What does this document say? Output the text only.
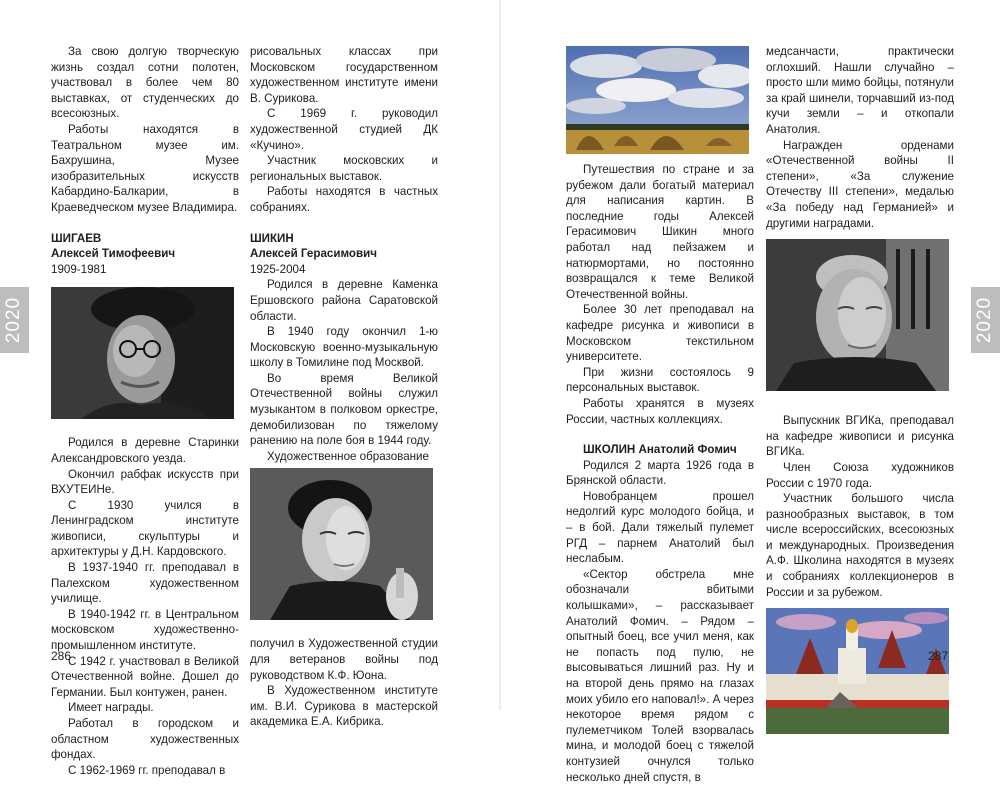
2020	2020

За свою долгую творческую жизнь создал сотни полотен, участвовал в более чем 80 выставках, от студенческих до всесоюзных.

Работы находятся в Театральном музее им. Бахрушина, Музее изобразительных искусств Кабардино-Балкарии, в Краеведческом музее Владимира.

ШИГАЕВ

Алексей Тимофеевич

1909-1981

Родился в деревне Старинки Александровского уезда.

Окончил рабфак искусств при ВХУТЕИНе.

С 1930 учился в Ленинградском институте живописи, скульптуры и архитектуры у Д.Н. Кардовского.

В 1937-1940 гг. преподавал в Палехском художественном училище.

В 1940-1942 гг. в Центральном московском художественно-промышленном институте.

С 1942 г. участвовал в Великой Отечественной войне. Дошел до Германии. Был контужен, ранен.

Имеет награды.

Работал в городском и областном художественных фондах.

С 1962-1969 гг. преподавал в

рисовальных классах при Московском государственном художественном институте имени В. Сурикова.

С 1969 г. руководил художественной студией ДК «Кучино».

Участник московских и региональных выставок.

Работы находятся в частных собраниях.

ШИКИН

Алексей Герасимович

1925-2004

Родился в деревне Каменка Ершовского района Саратовской области.

В 1940 году окончил 1-ю Московскую военно-музыкальную школу в Томилине под Москвой.

Во время Великой Отечественной войны служил музыкантом в полковом оркестре, демобилизован по тяжелому ранению на поле боя в 1944 году.

Художественное образование

получил в Художественной студии для ветеранов войны под руководством К.Ф. Юона.

В Художественном институте им. В.И. Сурикова в мастерской академика Е.А. Кибрика.

Путешествия по стране и за рубежом дали богатый материал для написания картин. В последние годы Алексей Герасимович Шикин много работал над пейзажем и натюрмортами, но постоянно возвращался к теме Великой Отечественной войны.

Более 30 лет преподавал на кафедре рисунка и живописи в Московском текстильном университете.

При жизни состоялось 9 персональных выставок.

Работы хранятся в музеях России, частных коллекциях.

ШКОЛИН Анатолий Фомич

Родился 2 марта 1926 года в Брянской области.

Новобранцем прошел недолгий курс молодого бойца, и – в бой. Дали тяжелый пулемет РГД – парнем Анатолий был неслабым.

«Сектор обстрела мне обозначали вбитыми колышками», – рассказывает Анатолий Фомич. – Рядом – опытный боец, все учил меня, как не попасть под пулю, не высовываться лишний раз. Ну и на второй день прямо на глазах моих убило его наповал!». А через некоторое время рядом с пулеметчиком Толей взорвалась мина, и молодой боец с тяжелой контузией очнулся только несколько дней спустя, в

медсанчасти, практически оглохший. Нашли случайно – просто шли мимо бойцы, потянули за край шинели, торчавший из-под кучи земли – и откопали Анатолия.

Награжден орденами «Отечественной войны II степени», «За служение Отечеству III степени», медалью «За победу над Германией» и другими наградами.

Выпускник ВГИКа, преподавал на кафедре живописи и рисунка ВГИКа.

Член Союза художников России с 1970 года.

Участник большого числа разнообразных выставок, в том числе всероссийских, всесоюзных и международных. Произведения А.Ф. Школина находятся в музеях и собраниях коллекционеров в России и за рубежом.

286	287
